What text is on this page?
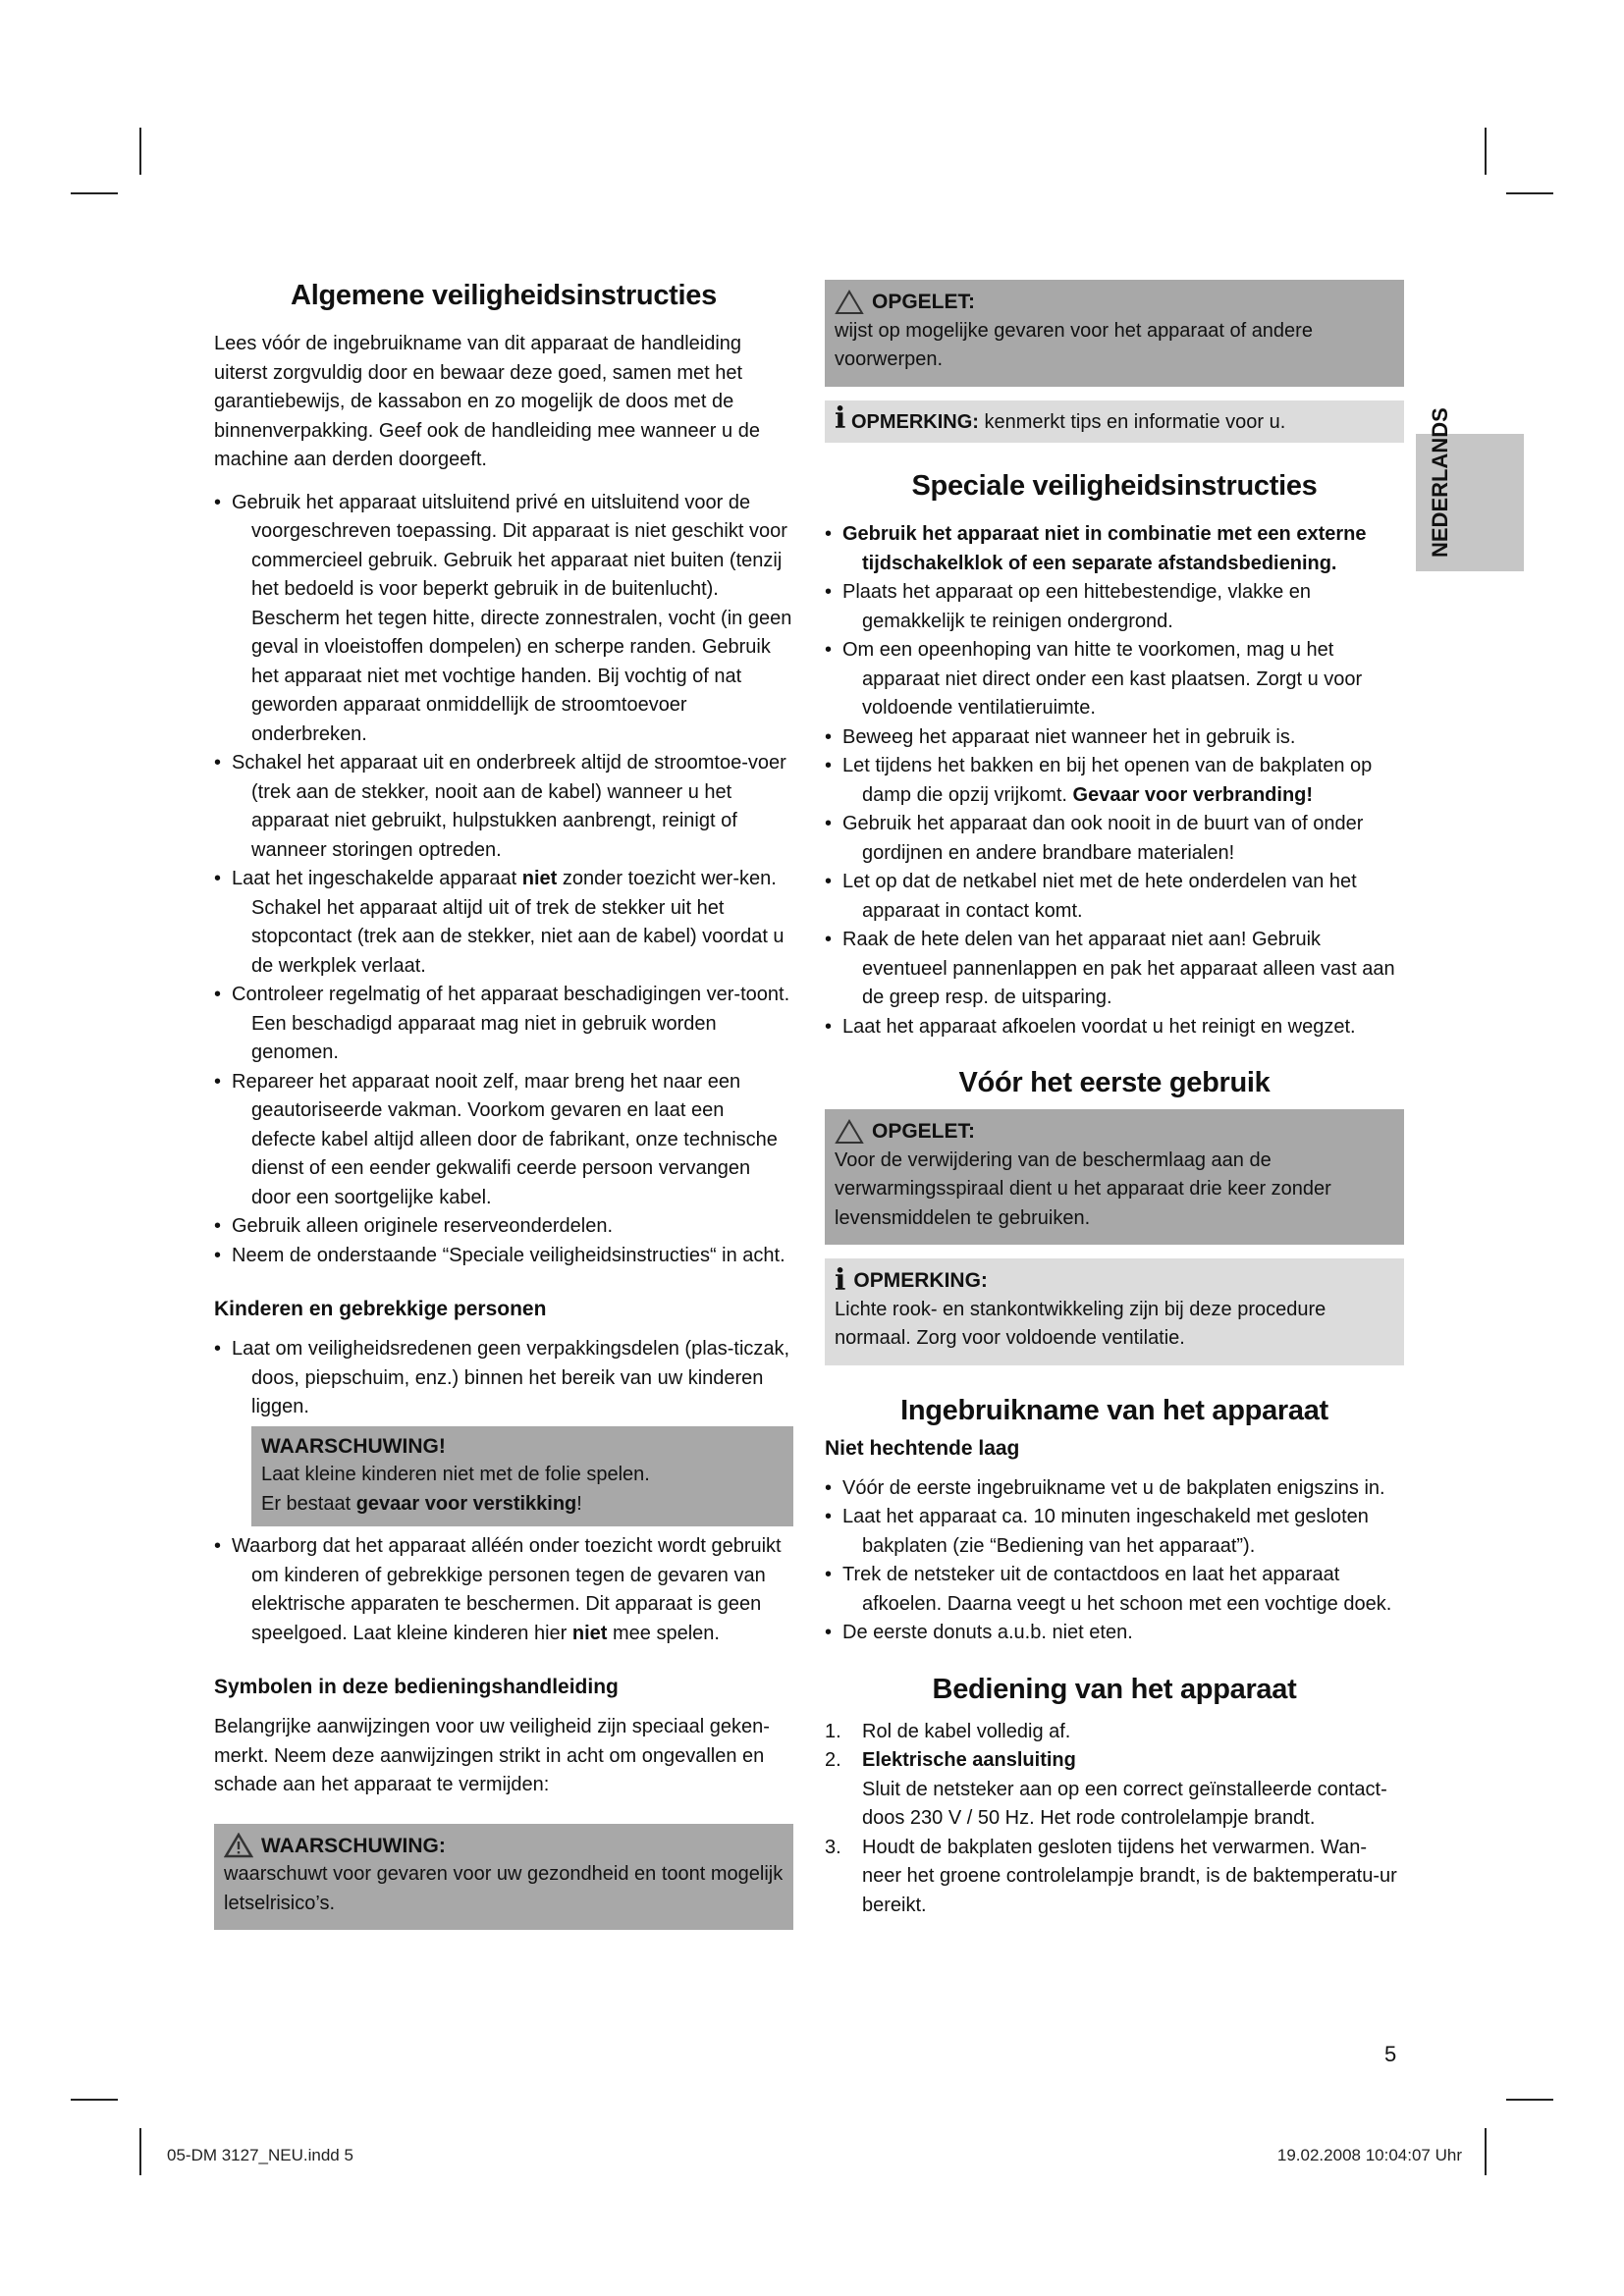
NEDERLANDS
Algemene veiligheidsinstructies

Lees vóór de ingebruikname van dit apparaat de handleiding uiterst zorgvuldig door en bewaar deze goed, samen met het garantiebewijs, de kassabon en zo mogelijk de doos met de binnenverpakking. Geef ook de handleiding mee wanneer u de machine aan derden doorgeeft.

• Gebruik het apparaat uitsluitend privé en uitsluitend voor de voorgeschreven toepassing. Dit apparaat is niet geschikt voor commercieel gebruik. Gebruik het apparaat niet buiten (tenzij het bedoeld is voor beperkt gebruik in de buitenlucht). Bescherm het tegen hitte, directe zonnestralen, vocht (in geen geval in vloeistoffen dompelen) en scherpe randen. Gebruik het apparaat niet met vochtige handen. Bij vochtig of nat geworden apparaat onmiddellijk de stroomtoevoer onderbreken.
• Schakel het apparaat uit en onderbreek altijd de stroomtoe-voer (trek aan de stekker, nooit aan de kabel) wanneer u het apparaat niet gebruikt, hulpstukken aanbrengt, reinigt of wanneer storingen optreden.
• Laat het ingeschakelde apparaat niet zonder toezicht wer-ken. Schakel het apparaat altijd uit of trek de stekker uit het stopcontact (trek aan de stekker, niet aan de kabel) voordat u de werkplek verlaat.
• Controleer regelmatig of het apparaat beschadigingen ver-toont. Een beschadigd apparaat mag niet in gebruik worden genomen.
• Repareer het apparaat nooit zelf, maar breng het naar een geautoriseerde vakman. Voorkom gevaren en laat een defecte kabel altijd alleen door de fabrikant, onze technische dienst of een eender gekwalifi ceerde persoon vervangen door een soortgelijke kabel.
• Gebruik alleen originele reserveonderdelen.
• Neem de onderstaande “Speciale veiligheidsinstructies“ in acht.
Kinderen en gebrekkige personen
• Laat om veiligheidsredenen geen verpakkingsdelen (plas-ticzak, doos, piepschuim, enz.) binnen het bereik van uw kinderen liggen.
WAARSCHUWING!
Laat kleine kinderen niet met de folie spelen.
Er bestaat gevaar voor verstikking!
• Waarborg dat het apparaat alléén onder toezicht wordt gebruikt om kinderen of gebrekkige personen tegen de gevaren van elektrische apparaten te beschermen. Dit apparaat is geen speelgoed. Laat kleine kinderen hier niet mee spelen.
Symbolen in deze bedieningshandleiding

Belangrijke aanwijzingen voor uw veiligheid zijn speciaal geken-merkt. Neem deze aanwijzingen strikt in acht om ongevallen en schade aan het apparaat te vermijden:

WAARSCHUWING:
waarschuwt voor gevaren voor uw gezondheid en toont mogelijk letselrisico’s.
OPGELET:
wijst op mogelijke gevaren voor het apparaat of andere voorwerpen.
i OPMERKING: kenmerkt tips en informatie voor u.
Speciale veiligheidsinstructies
• Gebruik het apparaat niet in combinatie met een externe tijdschakelklok of een separate afstandsbediening.
• Plaats het apparaat op een hittebestendige, vlakke en gemakkelijk te reinigen ondergrond.
• Om een opeenhoping van hitte te voorkomen, mag u het apparaat niet direct onder een kast plaatsen. Zorgt u voor voldoende ventilatieruimte.
• Beweeg het apparaat niet wanneer het in gebruik is.
• Let tijdens het bakken en bij het openen van de bakplaten op damp die opzij vrijkomt. Gevaar voor verbranding!
• Gebruik het apparaat dan ook nooit in de buurt van of onder gordijnen en andere brandbare materialen!
• Let op dat de netkabel niet met de hete onderdelen van het apparaat in contact komt.
• Raak de hete delen van het apparaat niet aan! Gebruik eventueel pannenlappen en pak het apparaat alleen vast aan de greep resp. de uitsparing.
• Laat het apparaat afkoelen voordat u het reinigt en wegzet.
Vóór het eerste gebruik
OPGELET:
Voor de verwijdering van de beschermlaag aan de verwarmingsspiraal dient u het apparaat drie keer zonder levensmiddelen te gebruiken.
i OPMERKING:
Lichte rook- en stankontwikkeling zijn bij deze procedure normaal. Zorg voor voldoende ventilatie.
Ingebruikname van het apparaat
Niet hechtende laag
• Vóór de eerste ingebruikname vet u de bakplaten enigszins in.
• Laat het apparaat ca. 10 minuten ingeschakeld met gesloten bakplaten (zie “Bediening van het apparaat”).
• Trek de netsteker uit de contactdoos en laat het apparaat afkoelen. Daarna veegt u het schoon met een vochtige doek.
• De eerste donuts a.u.b. niet eten.
Bediening van het apparaat
1. Rol de kabel volledig af.
2. Elektrische aansluiting
Sluit de netsteker aan op een correct geïnstalleerde contact-doos 230 V / 50 Hz. Het rode controlelampje brandt.
3. Houdt de bakplaten gesloten tijdens het verwarmen. Wan-neer het groene controlelampje brandt, is de baktemperatu-ur bereikt.
5
05-DM 3127_NEU.indd 5	19.02.2008 10:04:07 Uhr
